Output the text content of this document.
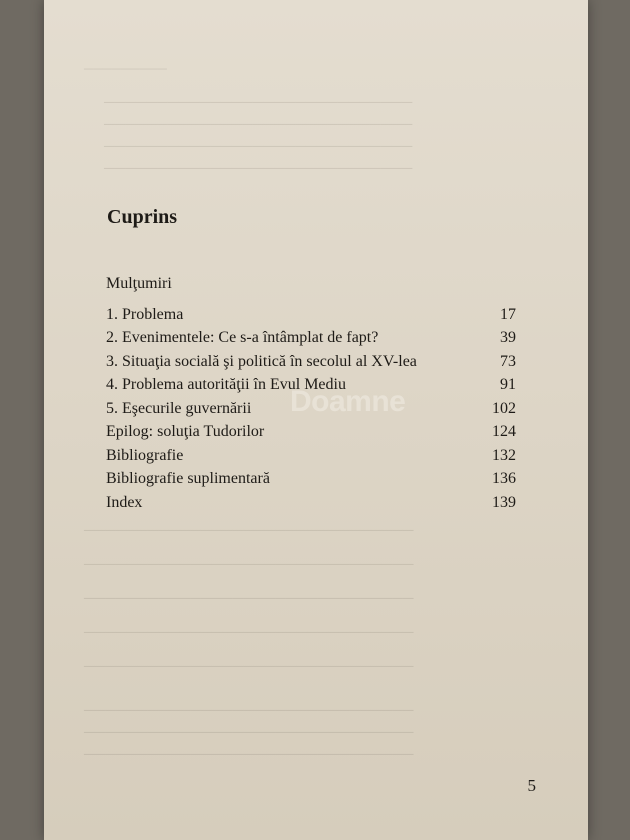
─────────
─────────────────────────────
─────────────────────────────
─────────────────────────────
─────────────────────────────
───────────────────────────────
───────────────────────────────
───────────────────────────────
───────────────────────────────
───────────────────────────────
───────────────────────────────
───────────────────────────────
───────────────────────────────
Cuprins
Mulţumiri
1. Problema	17
2. Evenimentele: Ce s-a întâmplat de fapt?	39
3. Situaţia socială şi politică în secolul al XV-lea	73
4. Problema autorităţii în Evul Mediu	91
5. Eşecurile guvernării	102
Epilog: soluţia Tudorilor	124
Bibliografie	132
Bibliografie suplimentară	136
Index	139
Doamne
5
